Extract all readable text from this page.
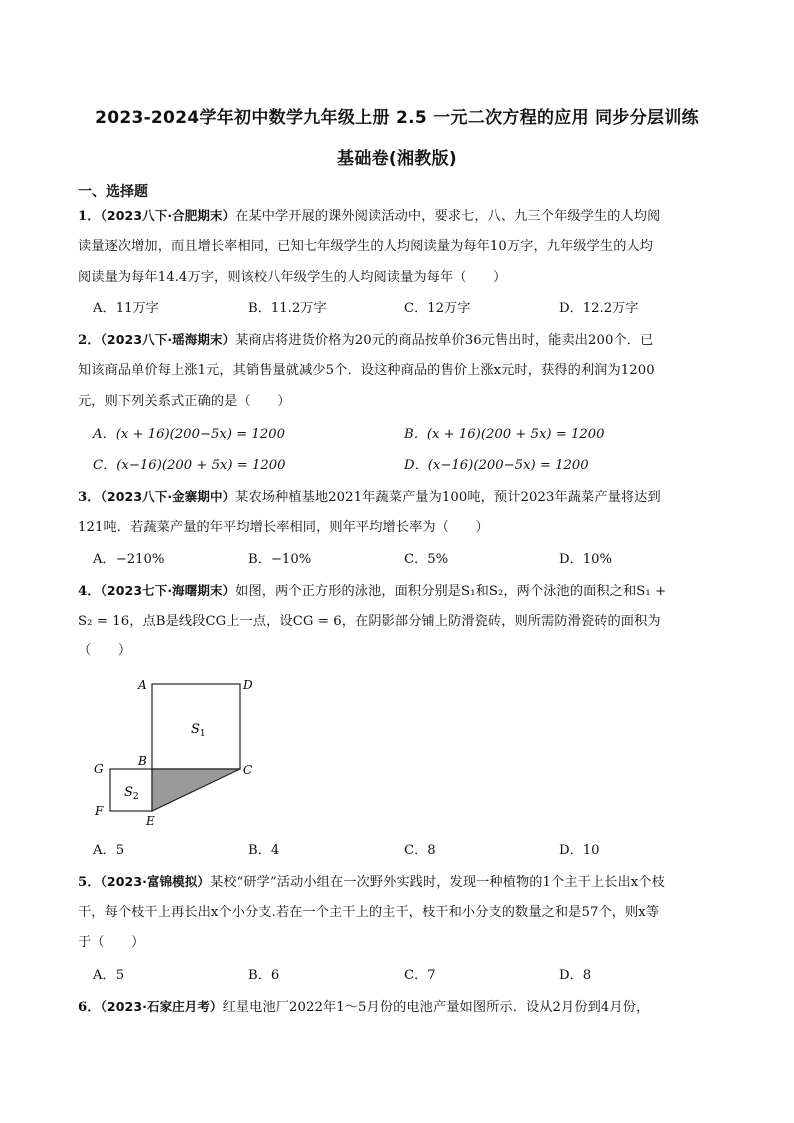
2023-2024学年初中数学九年级上册 2.5 一元二次方程的应用 同步分层训练
基础卷(湘教版)
一、选择题
1．（2023八下·合肥期末）在某中学开展的课外阅读活动中，要求七，八、九三个年级学生的人均阅
读量逐次增加，而且增长率相同，已知七年级学生的人均阅读量为每年10万字，九年级学生的人均
阅读量为每年14.4万字，则该校八年级学生的人均阅读量为每年（　　）
A．11万字	B．11.2万字	C．12万字	D．12.2万字
2．（2023八下·瑶海期末）某商店将进货价格为20元的商品按单价36元售出时，能卖出200个．已
知该商品单价每上涨1元，其销售量就减少5个．设这种商品的售价上涨x元时，获得的利润为1200
元，则下列关系式正确的是（　　）
A．(x + 16)(200−5x) = 1200	B．(x + 16)(200 + 5x) = 1200
C．(x−16)(200 + 5x) = 1200	D．(x−16)(200−5x) = 1200
3．（2023八下·金寨期中）某农场种植基地2021年蔬菜产量为100吨，预计2023年蔬菜产量将达到
121吨．若蔬菜产量的年平均增长率相同，则年平均增长率为（　　）
A．−210%	B．−10%	C．5%	D．10%
4．（2023七下·海曙期末）如图，两个正方形的泳池，面积分别是S₁和S₂，两个泳池的面积之和S₁ +
S₂ = 16，点B是线段CG上一点，设CG = 6，在阴影部分铺上防滑瓷砖，则所需防滑瓷砖的面积为
（　　）
A	D
B
C
G
F
E
$S_1$
$S_2$
A．5	B．4	C．8	D．10
5．（2023·富锦模拟）某校“研学”活动小组在一次野外实践时，发现一种植物的1个主干上长出x个枝
干，每个枝干上再长出x个小分支.若在一个主干上的主干，枝干和小分支的数量之和是57个，则x等
于（　　）
A．5	B．6	C．7	D．8
6．（2023·石家庄月考）红星电池厂2022年1～5月份的电池产量如图所示．设从2月份到4月份，
